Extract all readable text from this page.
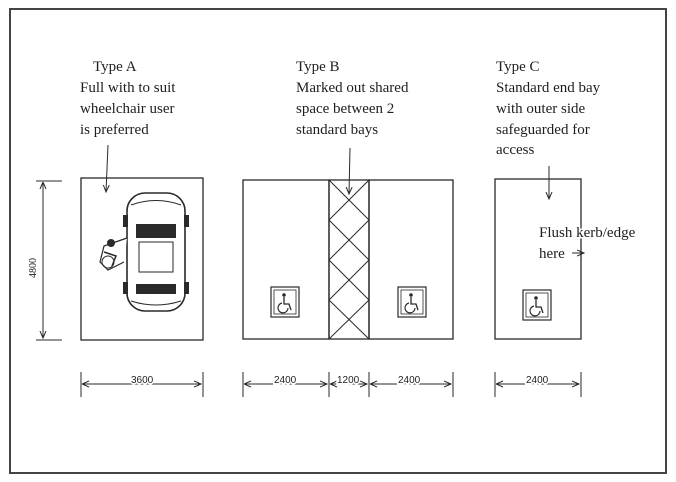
Type A
Full with to suit
wheelchair user
is preferred
4800
3600
Type B
Marked out shared
space between 2
standard bays
2400	1200	2400
Type C
Standard end bay
with outer side
safeguarded for
access
Flush kerb/edge
here
2400
